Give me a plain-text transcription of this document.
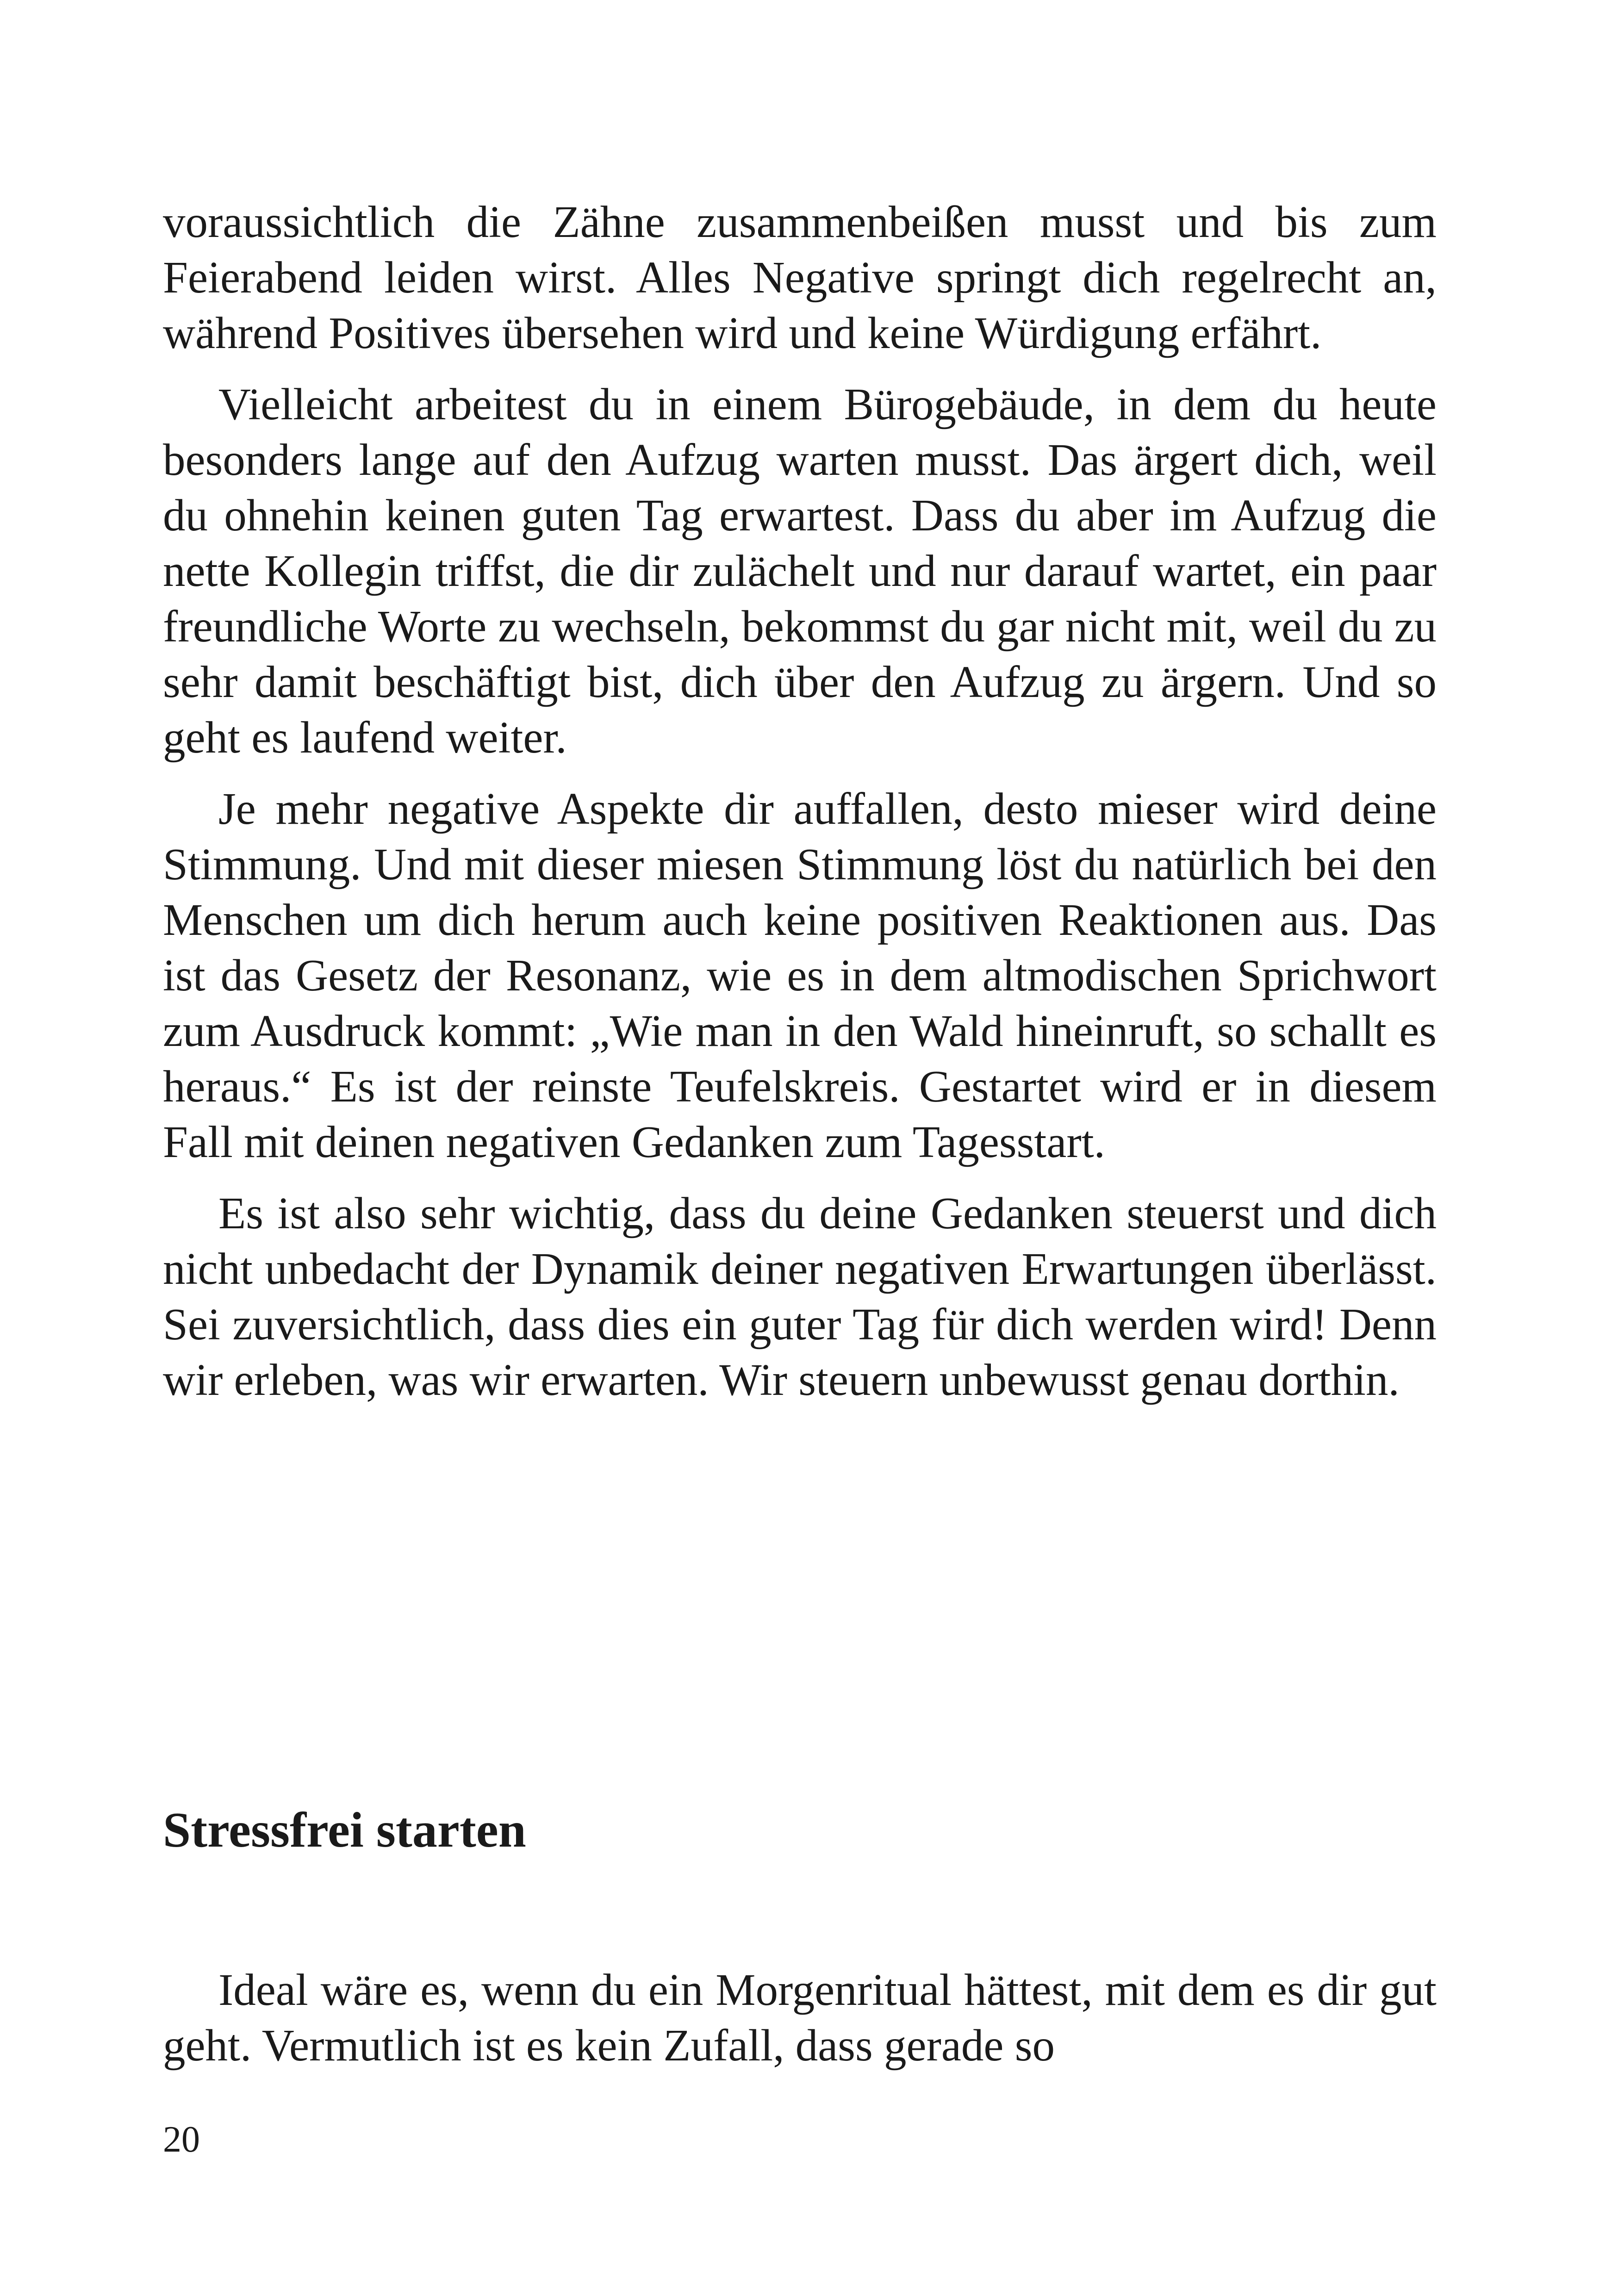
voraussichtlich die Zähne zusammenbeißen musst und bis zum Feierabend leiden wirst. Alles Negative springt dich regelrecht an, während Positives übersehen wird und keine Würdigung erfährt.

Vielleicht arbeitest du in einem Bürogebäude, in dem du heute besonders lange auf den Aufzug warten musst. Das ärgert dich, weil du ohnehin keinen guten Tag erwartest. Dass du aber im Aufzug die nette Kollegin triffst, die dir zulächelt und nur darauf wartet, ein paar freundliche Worte zu wechseln, bekommst du gar nicht mit, weil du zu sehr damit beschäftigt bist, dich über den Aufzug zu ärgern. Und so geht es laufend weiter.

Je mehr negative Aspekte dir auffallen, desto mieser wird deine Stimmung. Und mit dieser miesen Stimmung löst du natürlich bei den Menschen um dich herum auch keine positiven Reaktionen aus. Das ist das Gesetz der Resonanz, wie es in dem altmodischen Sprichwort zum Ausdruck kommt: „Wie man in den Wald hineinruft, so schallt es heraus.“ Es ist der reinste Teufelskreis. Gestartet wird er in diesem Fall mit deinen negativen Gedanken zum Tagesstart.

Es ist also sehr wichtig, dass du deine Gedanken steuerst und dich nicht unbedacht der Dynamik deiner negativen Erwartungen überlässt. Sei zuversichtlich, dass dies ein guter Tag für dich werden wird! Denn wir erleben, was wir erwarten. Wir steuern unbewusst genau dorthin.

Stressfrei starten

Ideal wäre es, wenn du ein Morgenritual hättest, mit dem es dir gut geht. Vermutlich ist es kein Zufall, dass gerade so

20
